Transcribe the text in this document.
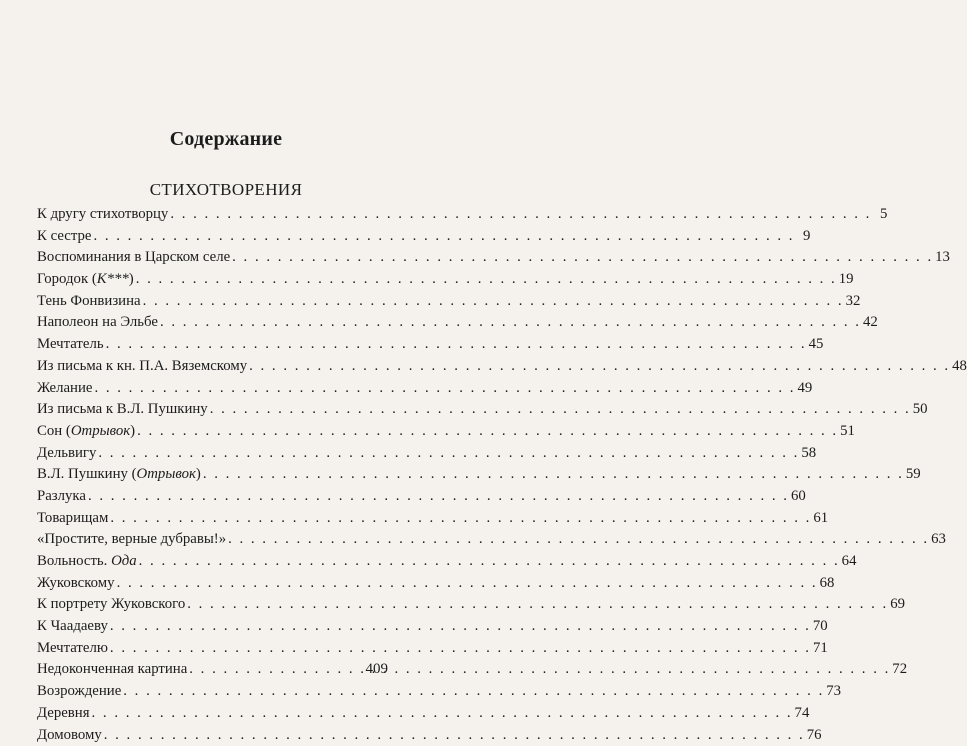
Содержание
СТИХОТВОРЕНИЯ
К другу стихотворцу . . .	5
К сестре . . .	9
Воспоминания в Царском селе . . .	13
Городок (К***) . . .	19
Тень Фонвизина . . .	32
Наполеон на Эльбе . . .	42
Мечтатель . . .	45
Из письма к кн. П.А. Вяземскому . . .	48
Желание . . .	49
Из письма к В.Л. Пушкину . . .	50
Сон (Отрывок) . . .	51
Дельвигу . . .	58
В.Л. Пушкину (Отрывок) . . .	59
Разлука . . .	60
Товарищам . . .	61
«Простите, верные дубравы!» . . .	63
Вольность. Ода . . .	64
Жуковскому . . .	68
К портрету Жуковского . . .	69
К Чаадаеву . . .	70
Мечтателю . . .	71
Недоконченная картина . . .	72
Возрождение . . .	73
Деревня . . .	74
Домовому . . .	76
409
